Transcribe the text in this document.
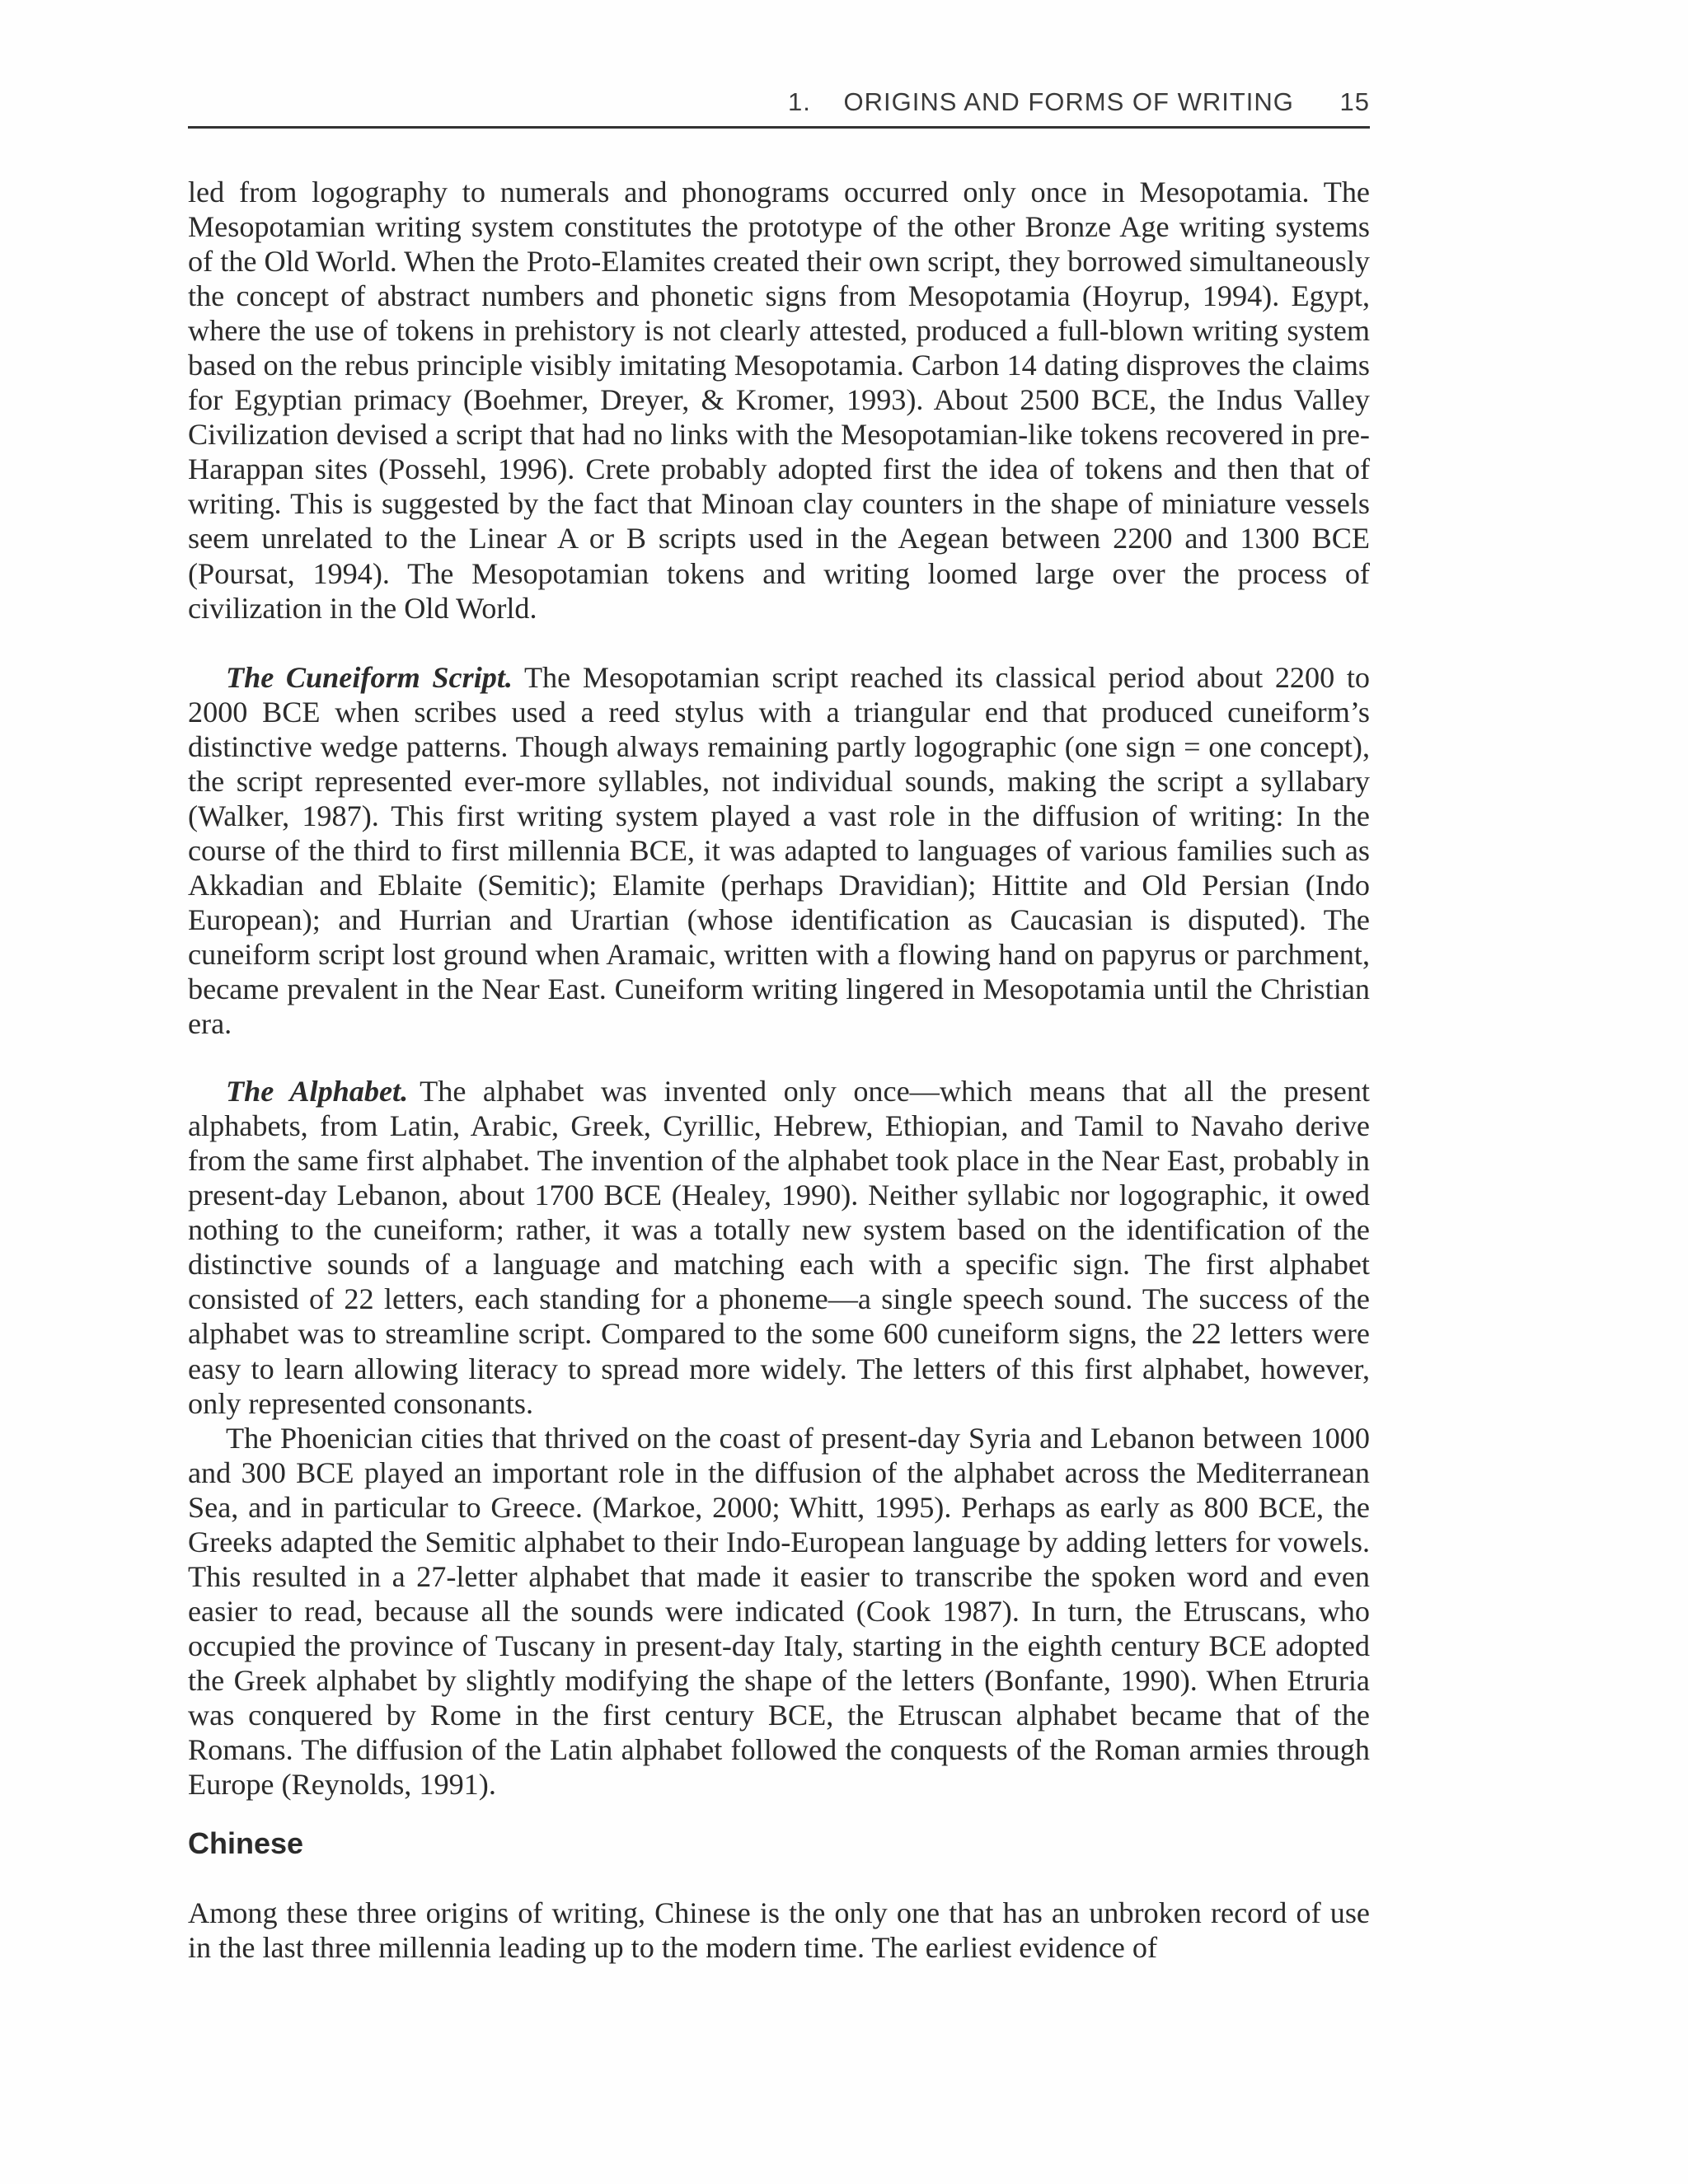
1. ORIGINS AND FORMS OF WRITING 15

led from logography to numerals and phonograms occurred only once in Mesopotamia. The Mesopotamian writing system constitutes the prototype of the other Bronze Age writing systems of the Old World. When the Proto-Elamites created their own script, they borrowed simultaneously the concept of abstract numbers and phonetic signs from Mesopotamia (Hoyrup, 1994). Egypt, where the use of tokens in prehistory is not clearly attested, produced a full-blown writing system based on the rebus principle visibly imitating Mesopotamia. Carbon 14 dating disproves the claims for Egyptian primacy (Boehmer, Dreyer, & Kromer, 1993). About 2500 BCE, the Indus Valley Civilization devised a script that had no links with the Mesopotamian-like tokens recovered in pre-Harappan sites (Possehl, 1996). Crete probably adopted first the idea of tokens and then that of writing. This is suggested by the fact that Minoan clay counters in the shape of miniature vessels seem unrelated to the Linear A or B scripts used in the Aegean between 2200 and 1300 BCE (Poursat, 1994). The Mesopotamian tokens and writing loomed large over the process of civilization in the Old World.

The Cuneiform Script. The Mesopotamian script reached its classical period about 2200 to 2000 BCE when scribes used a reed stylus with a triangular end that produced cuneiform’s distinctive wedge patterns. Though always remaining partly logographic (one sign = one concept), the script represented ever-more syllables, not individual sounds, making the script a syllabary (Walker, 1987). This first writing system played a vast role in the diffusion of writing: In the course of the third to first millennia BCE, it was adapted to languages of various families such as Akkadian and Eblaite (Semitic); Elamite (perhaps Dravidian); Hittite and Old Persian (Indo European); and Hurrian and Urartian (whose identification as Caucasian is disputed). The cuneiform script lost ground when Aramaic, written with a flowing hand on papyrus or parchment, became prevalent in the Near East. Cuneiform writing lingered in Mesopotamia until the Christian era.

The Alphabet. The alphabet was invented only once—which means that all the present alphabets, from Latin, Arabic, Greek, Cyrillic, Hebrew, Ethiopian, and Tamil to Navaho derive from the same first alphabet. The invention of the alphabet took place in the Near East, probably in present-day Lebanon, about 1700 BCE (Healey, 1990). Neither syllabic nor logographic, it owed nothing to the cuneiform; rather, it was a totally new system based on the identification of the distinctive sounds of a language and matching each with a specific sign. The first alphabet consisted of 22 letters, each standing for a phoneme—a single speech sound. The success of the alphabet was to streamline script. Compared to the some 600 cuneiform signs, the 22 letters were easy to learn allowing literacy to spread more widely. The letters of this first alphabet, however, only represented consonants.

The Phoenician cities that thrived on the coast of present-day Syria and Lebanon between 1000 and 300 BCE played an important role in the diffusion of the alphabet across the Mediterranean Sea, and in particular to Greece. (Markoe, 2000; Whitt, 1995). Perhaps as early as 800 BCE, the Greeks adapted the Semitic alphabet to their Indo-European language by adding letters for vowels. This resulted in a 27-letter alphabet that made it easier to transcribe the spoken word and even easier to read, because all the sounds were indicated (Cook 1987). In turn, the Etruscans, who occupied the province of Tuscany in present-day Italy, starting in the eighth century BCE adopted the Greek alphabet by slightly modifying the shape of the letters (Bonfante, 1990). When Etruria was conquered by Rome in the first century BCE, the Etruscan alphabet became that of the Romans. The diffusion of the Latin alphabet followed the conquests of the Roman armies through Europe (Reynolds, 1991).

Chinese

Among these three origins of writing, Chinese is the only one that has an unbroken record of use in the last three millennia leading up to the modern time. The earliest evidence of
